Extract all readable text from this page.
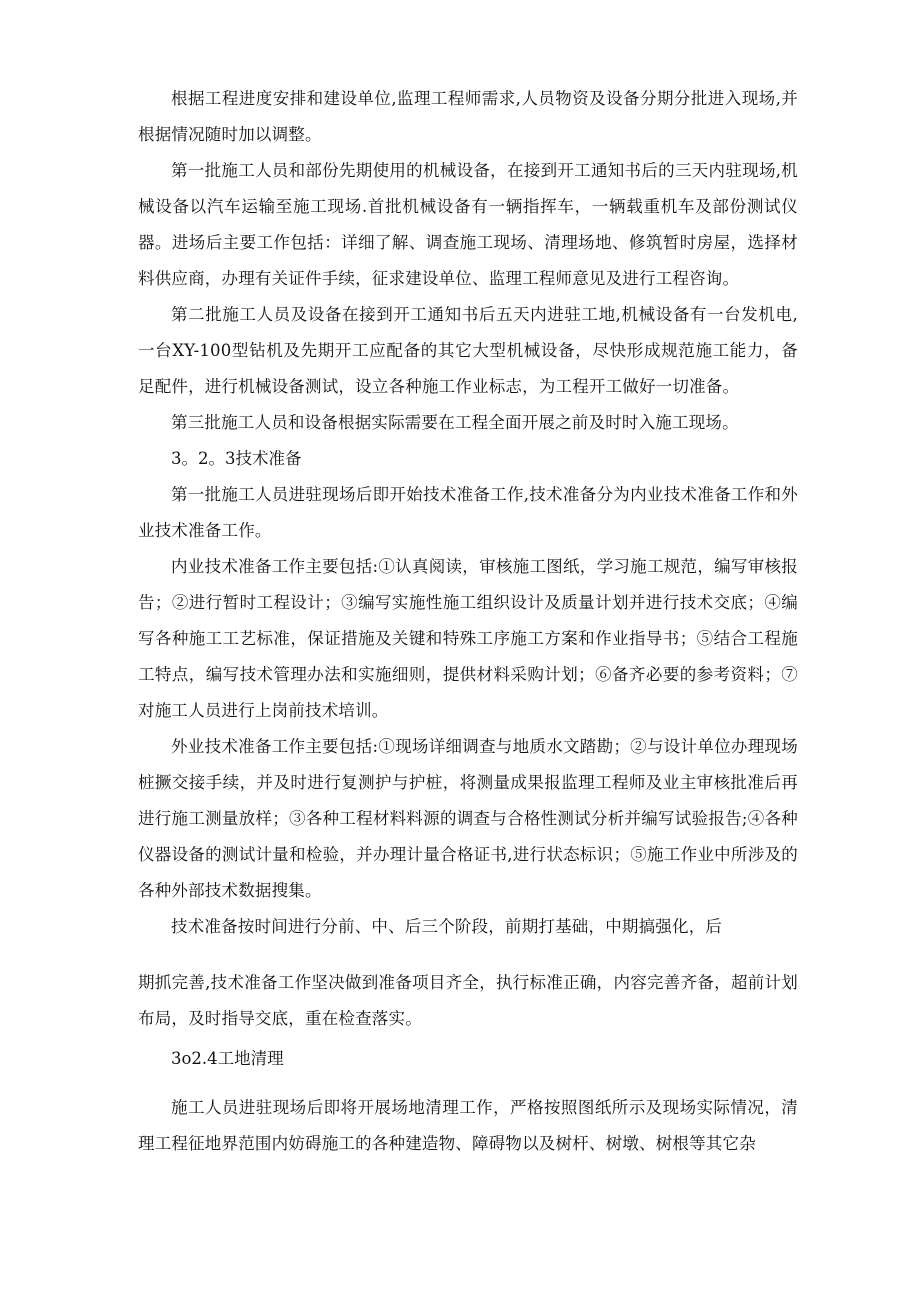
根据工程进度安排和建设单位,监理工程师需求,人员物资及设备分期分批进入现场,并根据情况随时加以调整。

第一批施工人员和部份先期使用的机械设备，在接到开工通知书后的三天内驻现场,机械设备以汽车运输至施工现场.首批机械设备有一辆指挥车，一辆载重机车及部份测试仪器。进场后主要工作包括：详细了解、调查施工现场、清理场地、修筑暂时房屋，选择材料供应商，办理有关证件手续，征求建设单位、监理工程师意见及进行工程咨询。

第二批施工人员及设备在接到开工通知书后五天内进驻工地,机械设备有一台发机电,一台XY-100型钻机及先期开工应配备的其它大型机械设备，尽快形成规范施工能力，备足配件，进行机械设备测试，设立各种施工作业标志，为工程开工做好一切准备。

第三批施工人员和设备根据实际需要在工程全面开展之前及时时入施工现场。

3。2。3技术准备

第一批施工人员进驻现场后即开始技术准备工作,技术准备分为内业技术准备工作和外业技术准备工作。

内业技术准备工作主要包括:①认真阅读，审核施工图纸，学习施工规范，编写审核报告；②进行暂时工程设计；③编写实施性施工组织设计及质量计划并进行技术交底；④编写各种施工工艺标准，保证措施及关键和特殊工序施工方案和作业指导书；⑤结合工程施工特点，编写技术管理办法和实施细则，提供材料采购计划；⑥备齐必要的参考资料；⑦对施工人员进行上岗前技术培训。

外业技术准备工作主要包括:①现场详细调查与地质水文踏勘；②与设计单位办理现场桩撅交接手续，并及时进行复测护与护桩，将测量成果报监理工程师及业主审核批准后再进行施工测量放样；③各种工程材料料源的调查与合格性测试分析并编写试验报告;④各种仪器设备的测试计量和检验，并办理计量合格证书,进行状态标识；⑤施工作业中所涉及的各种外部技术数据搜集。

技术准备按时间进行分前、中、后三个阶段，前期打基础，中期搞强化，后

期抓完善,技术准备工作坚决做到准备项目齐全，执行标准正确，内容完善齐备，超前计划布局，及时指导交底，重在检查落实。

3o2.4工地清理

施工人员进驻现场后即将开展场地清理工作，严格按照图纸所示及现场实际情况，清理工程征地界范围内妨碍施工的各种建造物、障碍物以及树杆、树墩、树根等其它杂
